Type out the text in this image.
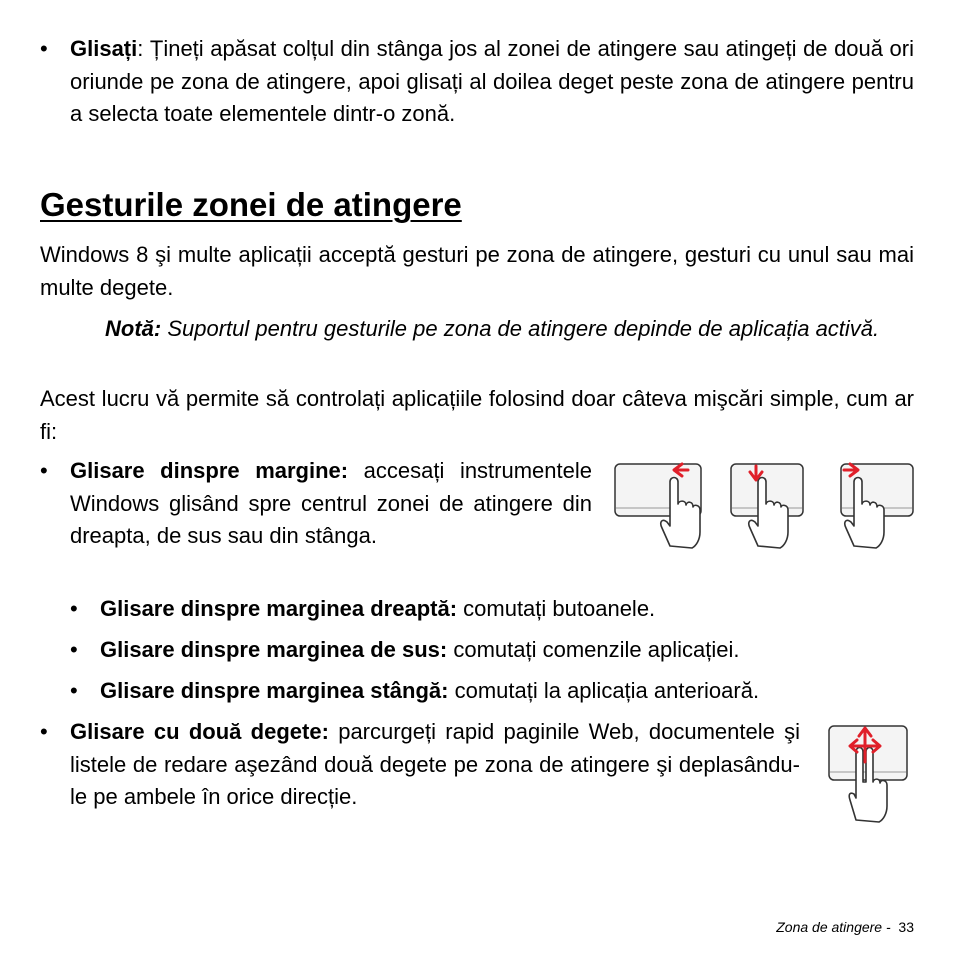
• Glisați: Țineți apăsat colțul din stânga jos al zonei de atingere sau atingeți de două ori oriunde pe zona de atingere, apoi glisați al doilea deget peste zona de atingere pentru a selecta toate elementele dintr-o zonă.
Gesturile zonei de atingere
Windows 8 şi multe aplicații acceptă gesturi pe zona de atingere, gesturi cu unul sau mai multe degete.
Notă: Suportul pentru gesturile pe zona de atingere depinde de aplicația activă.
Acest lucru vă permite să controlați aplicațiile folosind doar câteva mişcări simple, cum ar fi:
• Glisare dinspre margine: accesați instrumentele Windows glisând spre centrul zonei de atingere din dreapta, de sus sau din stânga.
• Glisare dinspre marginea dreaptă: comutați butoanele.
• Glisare dinspre marginea de sus: comutați comenzile aplicației.
• Glisare dinspre marginea stângă: comutați la aplicația anterioară.
• Glisare cu două degete: parcurgeți rapid paginile Web, documentele şi listele de redare aşezând două degete pe zona de atingere şi deplasându-le pe ambele în orice direcție.
Zona de atingere - 33
